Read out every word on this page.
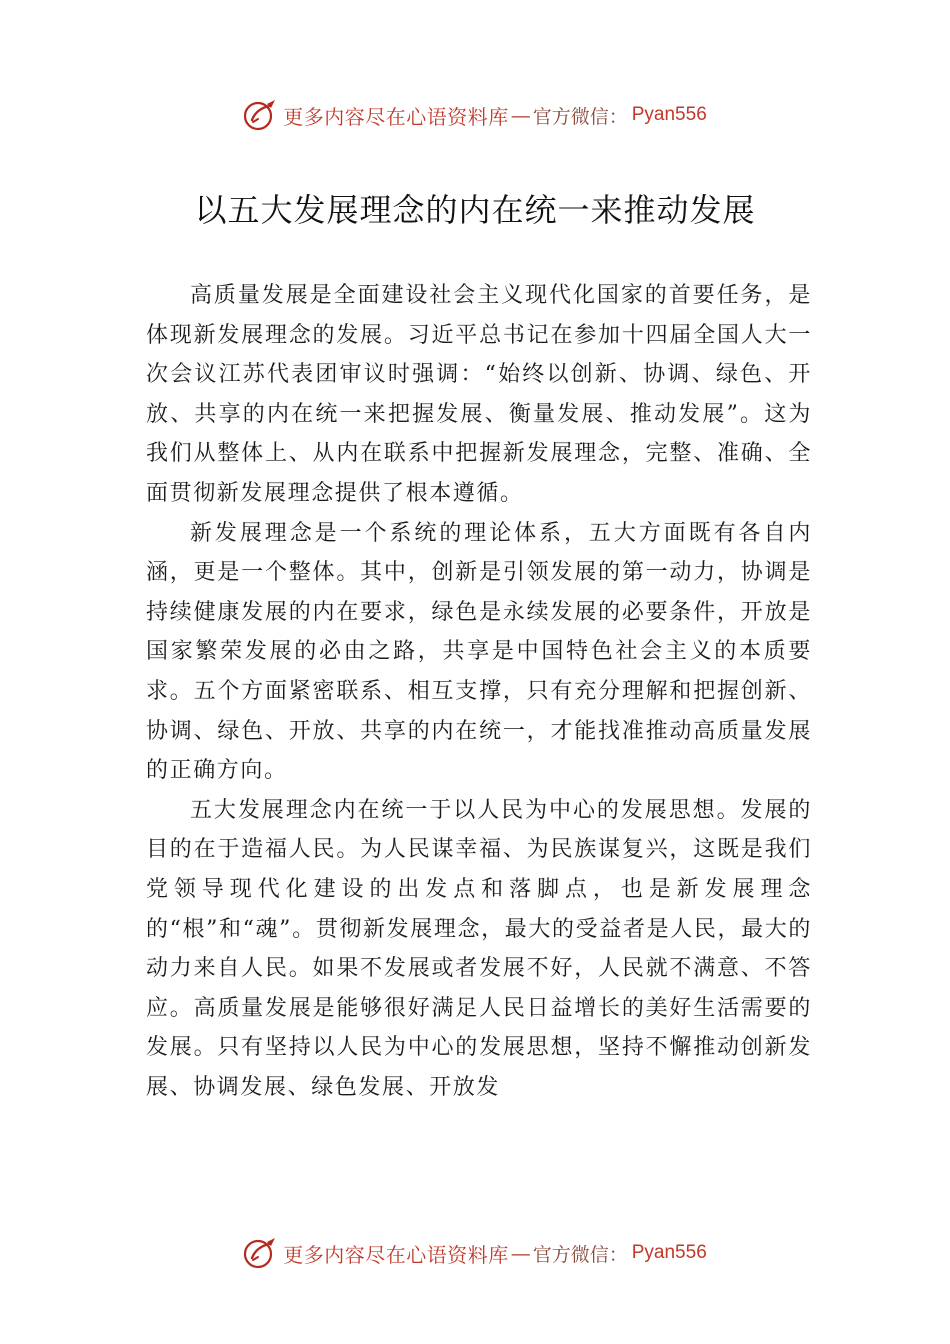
更多内容尽在心语资料库 — 官方微信： Pyan556
以五大发展理念的内在统一来推动发展

高质量发展是全面建设社会主义现代化国家的首要任务，是体现新发展理念的发展。习近平总书记在参加十四届全国人大一次会议江苏代表团审议时强调：“始终以创新、协调、绿色、开放、共享的内在统一来把握发展、衡量发展、推动发展”。这为我们从整体上、从内在联系中把握新发展理念，完整、准确、全面贯彻新发展理念提供了根本遵循。

新发展理念是一个系统的理论体系，五大方面既有各自内涵，更是一个整体。其中，创新是引领发展的第一动力，协调是持续健康发展的内在要求，绿色是永续发展的必要条件，开放是国家繁荣发展的必由之路，共享是中国特色社会主义的本质要求。五个方面紧密联系、相互支撑，只有充分理解和把握创新、协调、绿色、开放、共享的内在统一，才能找准推动高质量发展的正确方向。

五大发展理念内在统一于以人民为中心的发展思想。发展的目的在于造福人民。为人民谋幸福、为民族谋复兴，这既是我们党领导现代化建设的出发点和落脚点，也是新发展理念的“根”和“魂”。贯彻新发展理念，最大的受益者是人民，最大的动力来自人民。如果不发展或者发展不好，人民就不满意、不答应。高质量发展是能够很好满足人民日益增长的美好生活需要的发展。只有坚持以人民为中心的发展思想，坚持不懈推动创新发展、协调发展、绿色发展、开放发

更多内容尽在心语资料库 — 官方微信： Pyan556
